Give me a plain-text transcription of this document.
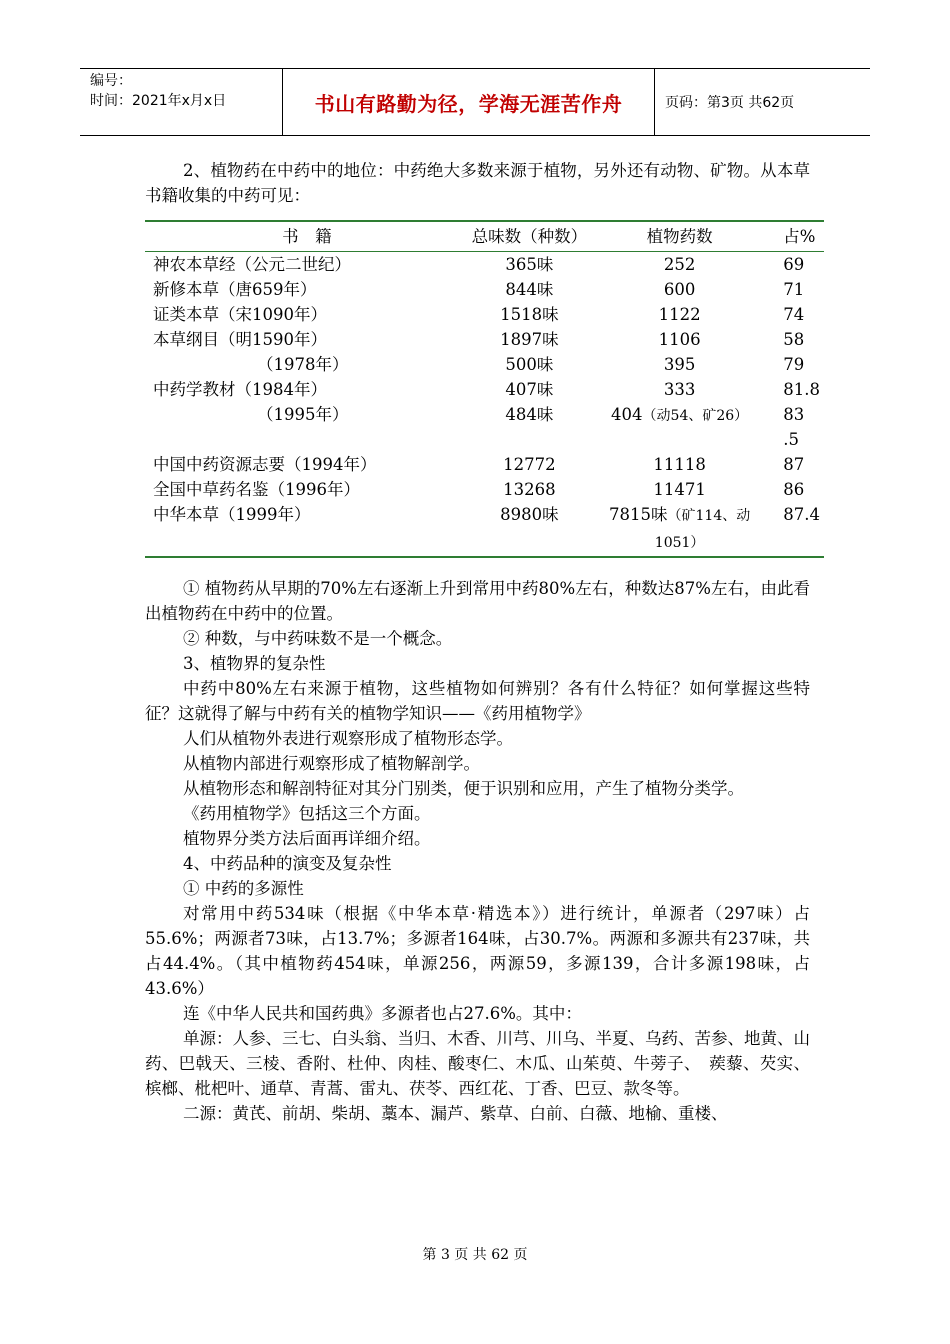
编号：
时间：2021年x月x日	书山有路勤为径，学海无涯苦作舟	页码：第3页 共62页

2、植物药在中药中的地位：中药绝大多数来源于植物，另外还有动物、矿物。从本草书籍收集的中药可见：

书　籍	总味数（种数）	植物药数	占%
神农本草经（公元二世纪）	365味	252	69
新修本草（唐659年）	844味	600	71
证类本草（宋1090年）	1518味	1122	74
本草纲目（明1590年）	1897味	1106	58
（1978年）	500味	395	79
中药学教材（1984年）	407味	333	81.8
（1995年）	484味	404（动54、矿26）	83 .5
中国中药资源志要（1994年）	12772	11118	87
全国中草药名鉴（1996年）	13268	11471	86
中华本草（1999年）	8980味	7815味（矿114、动1051）	87.4

① 植物药从早期的70%左右逐渐上升到常用中药80%左右，种数达87%左右，由此看出植物药在中药中的位置。

② 种数，与中药味数不是一个概念。

3、植物界的复杂性

中药中80%左右来源于植物，这些植物如何辨别？各有什么特征？如何掌握这些特征？这就得了解与中药有关的植物学知识——《药用植物学》

人们从植物外表进行观察形成了植物形态学。

从植物内部进行观察形成了植物解剖学。

从植物形态和解剖特征对其分门别类，便于识别和应用，产生了植物分类学。

《药用植物学》包括这三个方面。

植物界分类方法后面再详细介绍。

4、中药品种的演变及复杂性

① 中药的多源性

对常用中药534味（根据《中华本草·精选本》）进行统计，单源者（297味）占55.6%；两源者73味，占13.7%；多源者164味，占30.7%。两源和多源共有237味，共占44.4%。（其中植物药454味，单源256，两源59，多源139，合计多源198味，占43.6%）

连《中华人民共和国药典》多源者也占27.6%。其中：

单源：人参、三七、白头翁、当归、木香、川芎、川乌、半夏、乌药、苦参、地黄、山药、巴戟天、三棱、香附、杜仲、肉桂、酸枣仁、木瓜、山茱萸、牛蒡子、　蒺藜、芡实、槟榔、枇杷叶、通草、青蒿、雷丸、茯苓、西红花、丁香、巴豆、款冬等。

二源：黄芪、前胡、柴胡、藁本、漏芦、紫草、白前、白薇、地榆、重楼、

第 3 页 共 62 页
